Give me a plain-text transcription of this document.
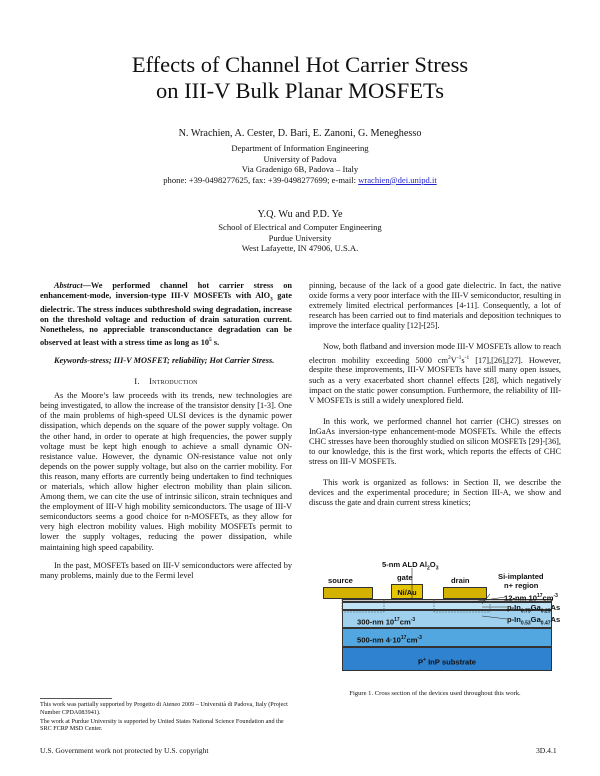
Effects of Channel Hot Carrier Stress
on III-V Bulk Planar MOSFETs
N. Wrachien, A. Cester, D. Bari, E. Zanoni, G. Meneghesso
Department of Information Engineering
University of Padova
Via Gradenigo 6B, Padova – Italy
phone: +39-0498277625, fax: +39-0498277699; e-mail: wrachien@dei.unipd.it
Y.Q. Wu and P.D. Ye
School of Electrical and Computer Engineering
Purdue University
West Lafayette, IN 47906, U.S.A.

Abstract—We performed channel hot carrier stress on enhancement-mode, inversion-type III-V MOSFETs with AlO$_3$ gate dielectric. The stress induces subthreshold swing degradation, increase on the threshold voltage and reduction of drain saturation current. Nonetheless, no appreciable transconductance degradation can be observed at least with a stress time as long as $10^5$ s.

Keywords-stress; III-V MOSFET; reliability; Hot Carrier Stress.

I. Introduction

As the Moore’s law proceeds with its trends, new technologies are being investigated, to allow the increase of the transistor density [1-3]. One of the main problems of high-speed ULSI devices is the dynamic power dissipation, which depends on the square of the power supply voltage. On the other hand, in order to operate at high frequencies, the power supply voltage must be kept high enough to achieve a small dynamic ON-resistance value. However, the dynamic ON-resistance value not only depends on the power supply voltage, but also on the carrier mobility. For this reason, many efforts are currently being undertaken to find techniques or materials, which allow higher electron mobility than plain silicon. Among them, we can cite the use of intrinsic silicon, strain techniques and the employment of III-V high mobility semiconductors. The usage of III-V semiconductors seems a good choice for n-MOSFETs, as they allow for very high electron mobility values. High mobility MOSFETs permit to lower the supply voltages, reducing the power dissipation, while maintaining high speed capability.

In the past, MOSFETs based on III-V semiconductors were affected by many problems, mainly due to the Fermi level

This work was partially supported by Progetto di Ateneo 2009 – Università di Padova, Italy (Project Number CPDA083941).
The work at Purdue University is supported by United States National Science Foundation and the SRC FCRP MSD Center.

pinning, because of the lack of a good gate dielectric. In fact, the native oxide forms a very poor interface with the III-V semiconductor, resulting in extremely limited electrical performances [4-11]. Consequently, a lot of research has been carried out to find materials and deposition techniques to improve the interface quality [12]-[25].

Now, both flatband and inversion mode III-V MOSFETs allow to reach electron mobility exceeding 5000 $cm^2V^{-1}s^{-1}$ [17],[26],[27]. However, despite these improvements, III-V MOSFETs have still many open issues, such as a very exacerbated short channel effects [28], which negatively impact on the static power consumption. Furthermore, the reliability of III-V MOSFETs is still a widely unexplored field.

In this work, we performed channel hot carrier (CHC) stresses on InGaAs inversion-type enhancement-mode MOSFETs. While the effects CHC stresses have been thoroughly studied on silicon MOSFETs [29]-[36], to our knowledge, this is the first work, which reports the effects of CHC stress on III-V MOSFETs.

This work is organized as follows: in Section II, we describe the devices and the experimental procedure; in Section III-A, we show and discuss the gate and drain current stress kinetics;

P+ InP substrate
500-nm $4\cdot 10^{17}cm^{-3}$
300-nm $10^{17}cm^{-3}$
Ni/Au
5-nm ALD $Al_2O_3$
gate
source	drain	Si-implanted
n+ region
12-nm $10^{17}cm^{-3}$
$p-In_{0.75}Ga_{0.25}As$
$p-In_{0.53}Ga_{0.47}As$
Figure 1. Cross section of the devices used throughout this work.
U.S. Government work not protected by U.S. copyright	3D.4.1
